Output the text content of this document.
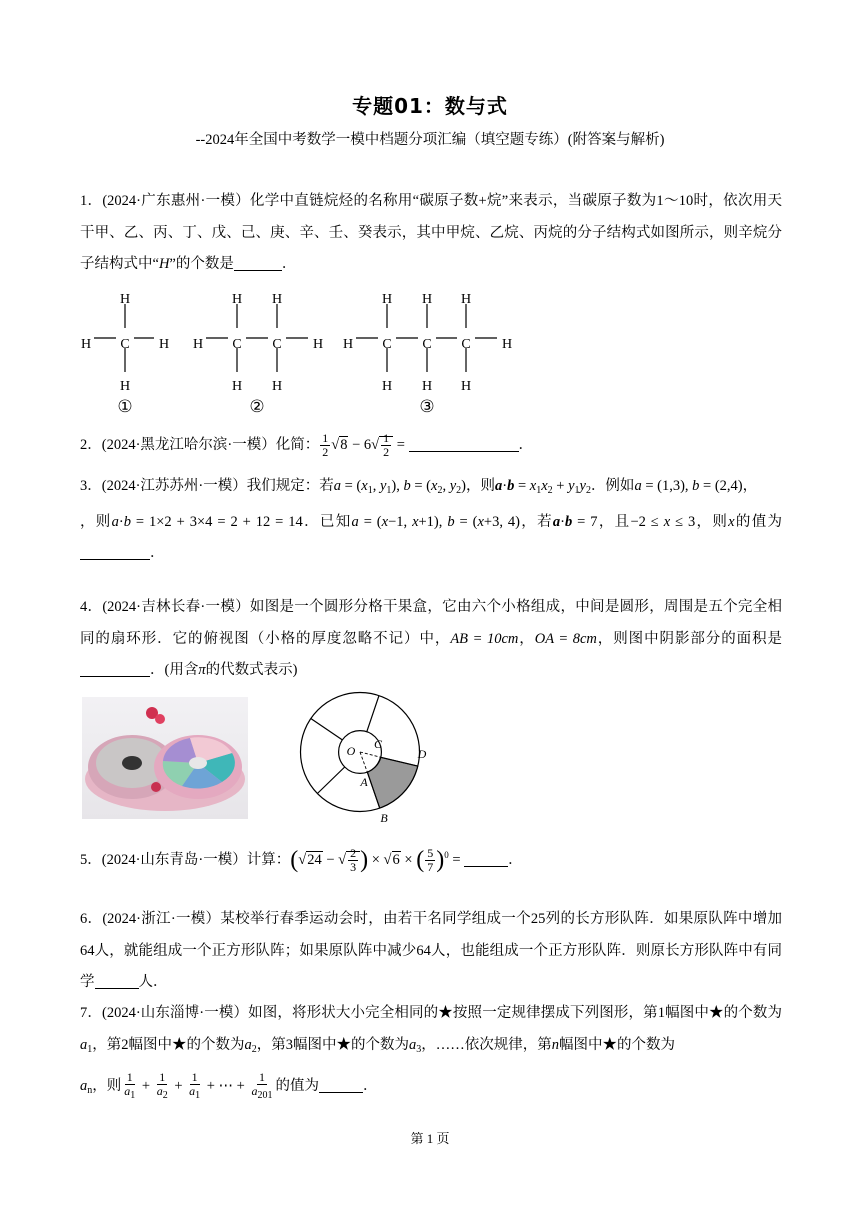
专题01：数与式
--2024年全国中考数学一模中档题分项汇编（填空题专练）(附答案与解析)
1．(2024·广东惠州·一模）化学中直链烷烃的名称用“碳原子数+烷”来表示，当碳原子数为1～10时，依次用天干甲、乙、丙、丁、戊、己、庚、辛、壬、癸表示，其中甲烷、乙烷、丙烷的分子结构式如图所示，则辛烷分子结构式中“H”的个数是	．
H
C
H
H	H
H H
C C
H H
H	H
H H H
C C C
H H H
H	H
①	②	③
2．(2024·黑龙江哈尔滨·一模）化简： $\frac{1}{2} √8 - 6√ \frac{1}{2}$ =	．
3．(2024·江苏苏州·一模）我们规定：若$a = (x_1$, $y_1$), $b = (x_2$, $y_2$)，则$a\cdot b = x_1x_2 + y_1y_2$．例如a = (1,3), b = (2,4)，
，则a·b = 1×2 + 3×4 = 2 + 12 = 14．已知a = (x−1, x+1), b = (x+3, 4)，若a·b = 7，且−2 ≤ x ≤ 3，则x的值为．
4．(2024·吉林长春·一模）如图是一个圆形分格干果盒，它由六个小格组成，中间是圆形，周围是五个完全相同的扇环形．它的俯视图（小格的厚度忽略不记）中，AB = 10cm，OA = 8cm，则图中阴影部分的面积是．(用含π的代数式表示)
O C
D
A
B
5．(2024·山东青岛·一模）计算：(√24 − √ $\frac{2}{3}$ ) × √6 × ( $\frac{5}{7} )^0$ =	．
6．(2024·浙江·一模）某校举行春季运动会时，由若干名同学组成一个25列的长方形队阵．如果原队阵中增加64人，就能组成一个正方形队阵；如果原队阵中减少64人，也能组成一个正方形队阵．则原长方形队阵中有同学	人．
7．(2024·山东淄博·一模）如图，将形状大小完全相同的★按照一定规律摆成下列图形，第1幅图中★的个数为$a_1$，第2幅图中★的个数为$a_2$，第3幅图中★的个数为$a_3$，……依次规律，第n幅图中★的个数为
$a_n$，则 $\frac{1}{a_1} + \frac{1}{a_2} + \frac{1}{a_1}$ + ⋯ + $\frac{1}{a_{201}}$ 的值为	．
第 1 页
